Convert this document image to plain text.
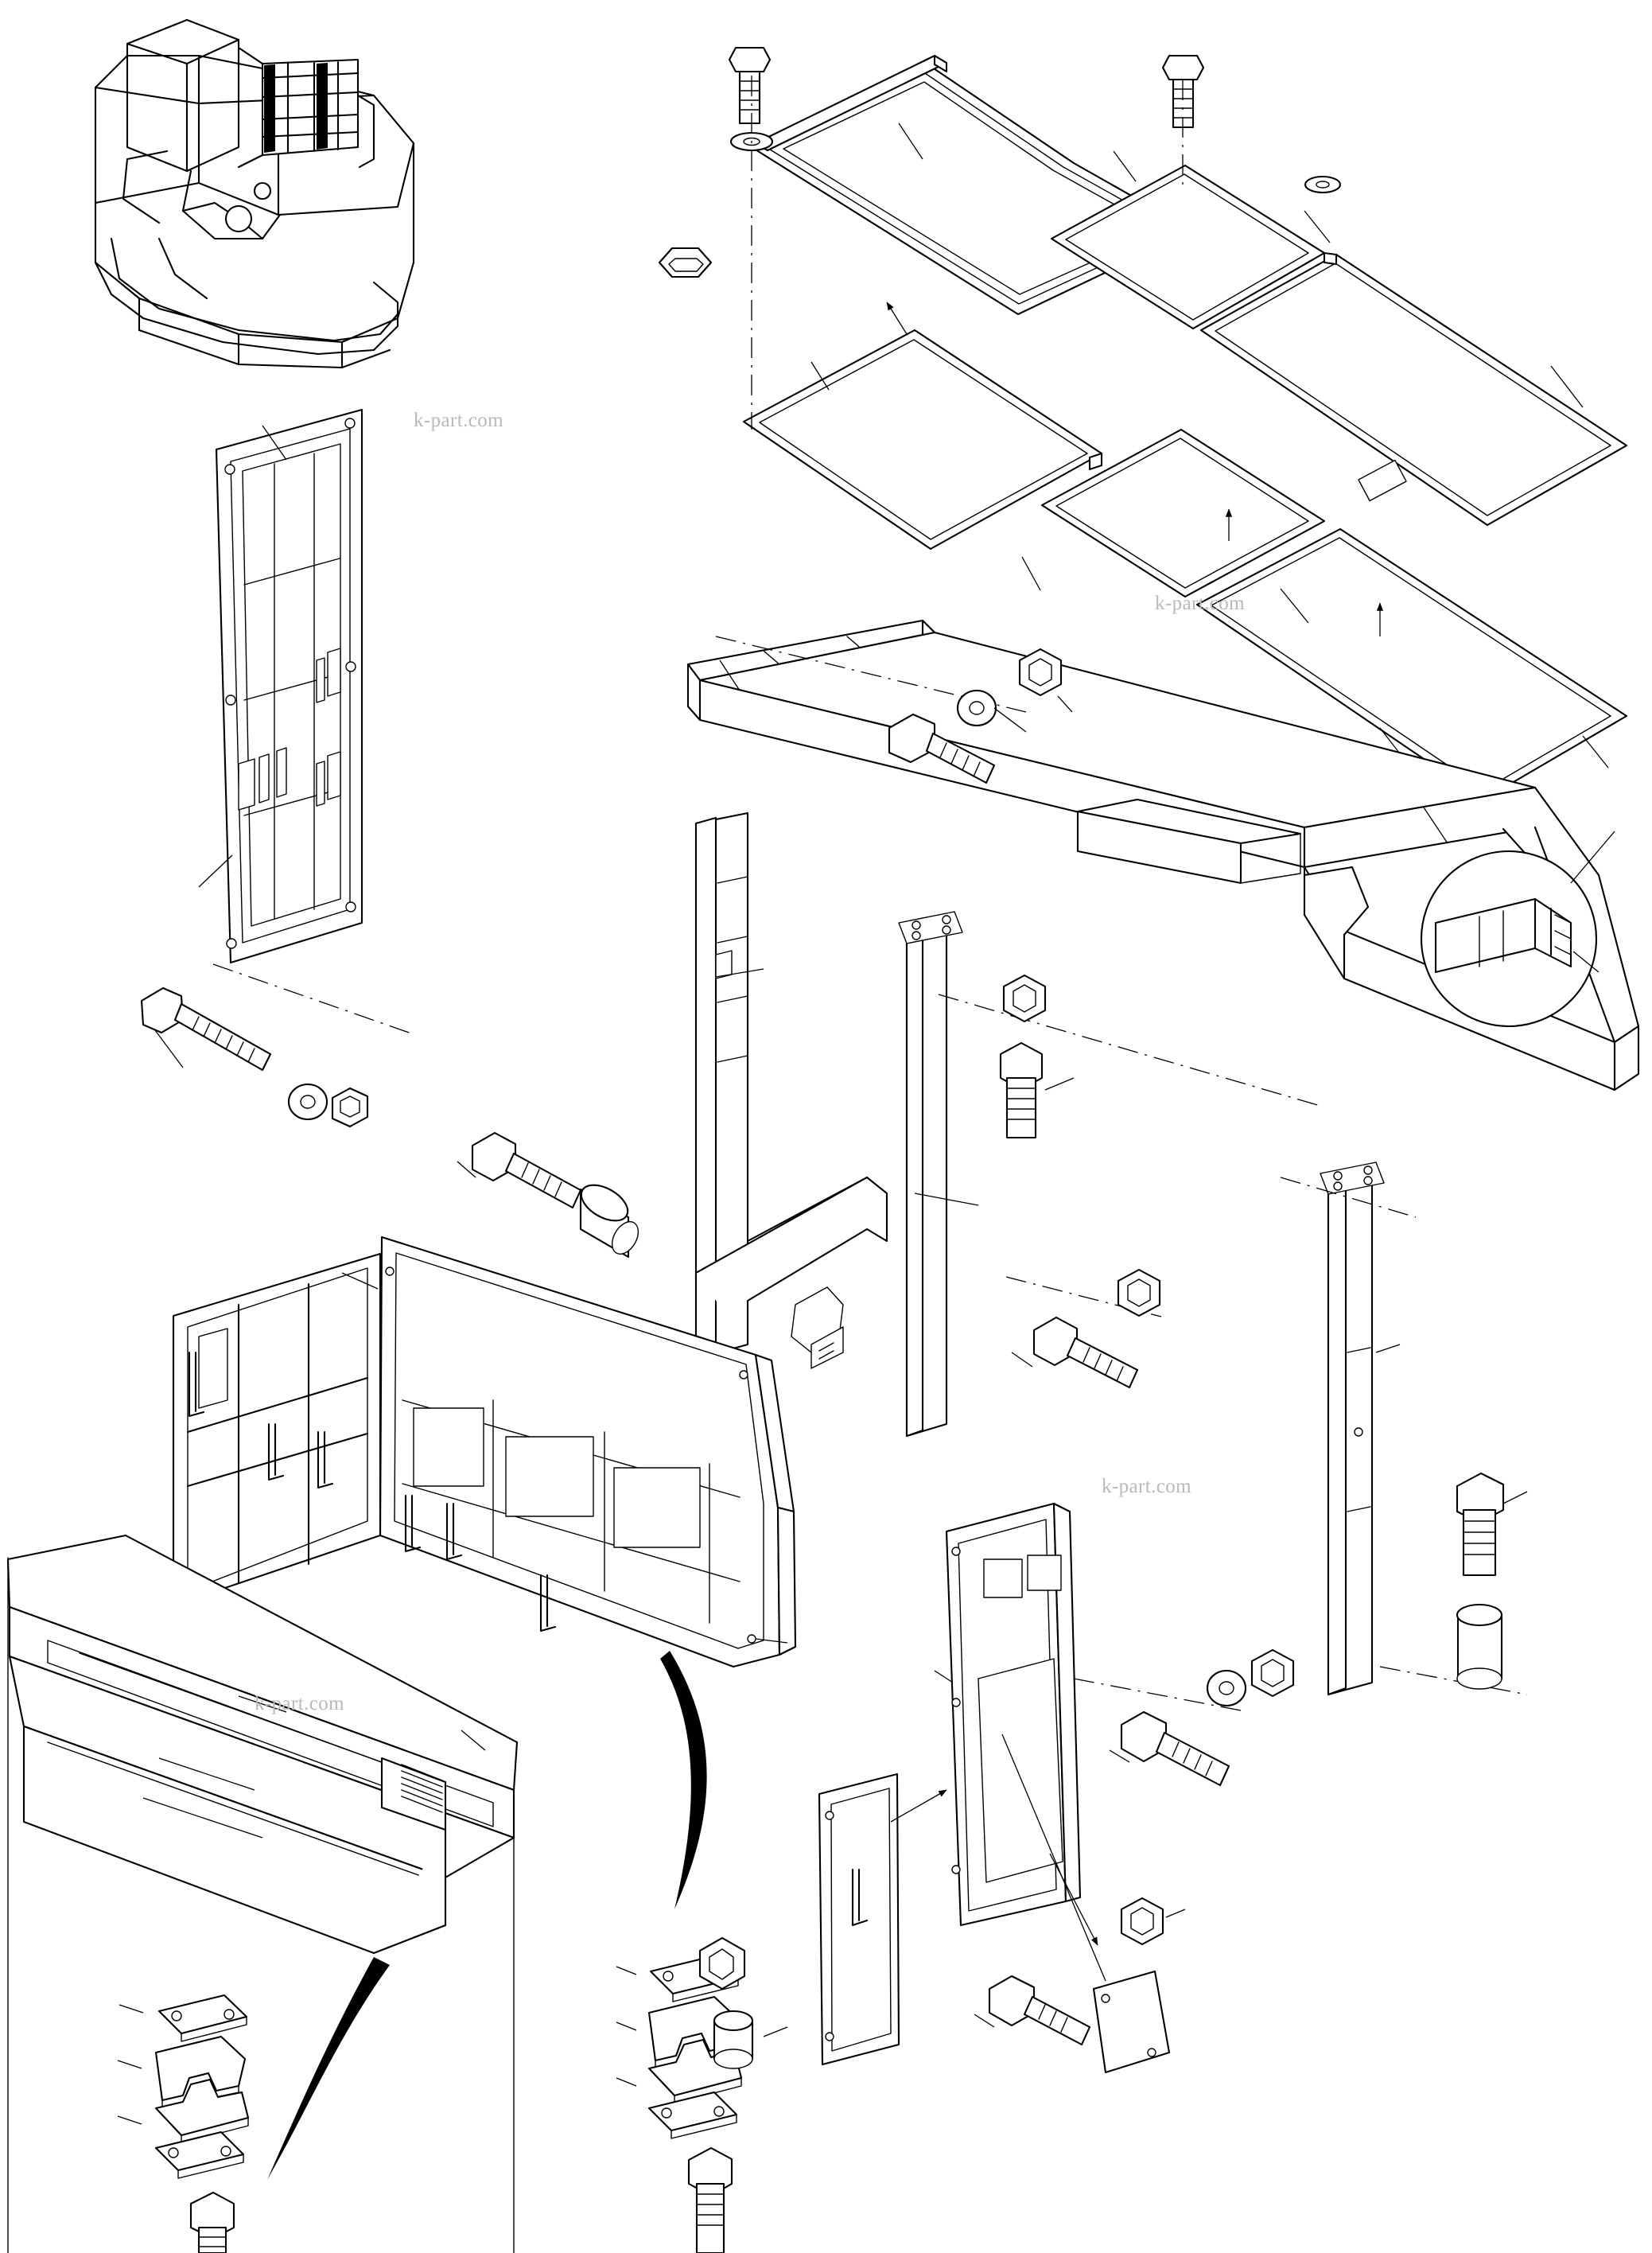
k-part.com
k-part.com
k-part.com
k-part.com
